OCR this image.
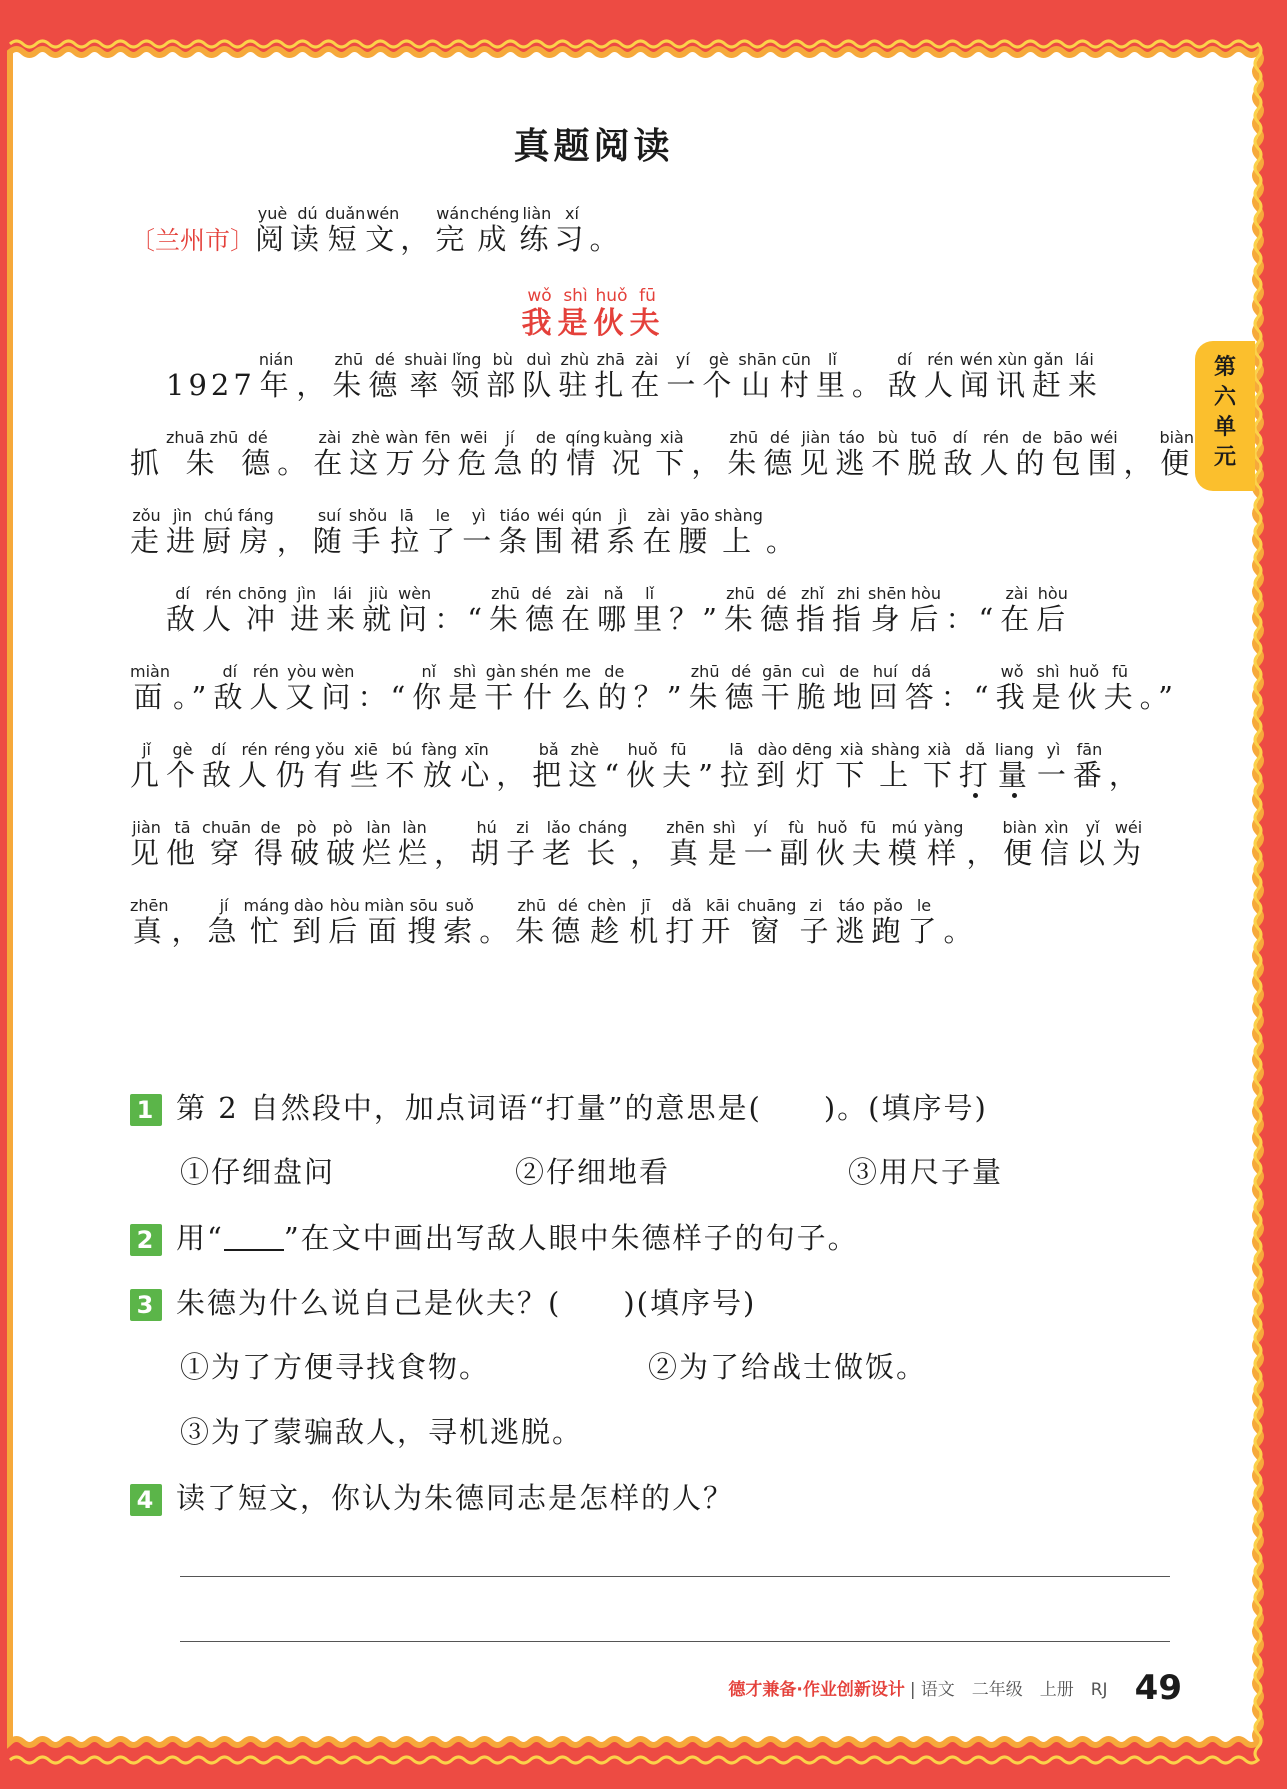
真题阅读
〔兰州市〕阅yuè读dú短duǎn文wén， 完wán成chéng练liàn习xí。
我wǒ是shì伙huǒ夫fū
　 1927 年nián， 朱zhū德dé率shuài领lǐng部bù队duì驻zhù扎zhā在zài一yí个gè山shān村cūn里lǐ。 敌dí人rén闻wén讯xùn赶gǎn来lái
抓 朱zhuā zhū德dé。 在zài这zhè万wàn分fēn危wēi急jí的de情qíng况kuàng下xià， 朱zhū德dé见jiàn逃táo不bù脱tuō敌dí人rén的de包bāo围wéi， 便biàn
走zǒu进jìn厨chú房fáng， 随suí手shǒu拉lā了le一yì条tiáo围wéi裙qún系jì在zài腰yāo上shàng。
　 敌dí人rén冲chōng进jìn来lái就jiù问wèn：“ 朱zhū德dé在zài哪nǎ里lǐ？” 朱zhū德dé指zhǐ指zhi身shēn后hòu：“ 在zài后hòu
面miàn。” 敌dí人rén又yòu问wèn：“ 你nǐ是shì干gàn什shén么me的de？” 朱zhū德dé干gān脆cuì地de回huí答dá：“ 我wǒ是shì伙huǒ夫fū。”
几jǐ个gè敌dí人rén仍réng有yǒu些xiē不bú放fàng心xīn， 把bǎ这zhè“ 伙huǒ夫fū” 拉lā到dào灯dēng下xià上shàng下xià打dǎ量liang一yì番fān，
见jiàn他tā穿chuān得de破pò破pò烂làn烂làn， 胡hú子zi老lǎo长cháng， 真zhēn是shì一yí副fù伙huǒ夫fū模mú样yàng， 便biàn信xìn以yǐ为wéi
真zhēn， 急jí忙máng到dào后hòu面miàn搜sōu索suǒ。 朱zhū德dé趁chèn机jī打dǎ开kāi窗chuāng子zi逃táo跑pǎo了le。
第六单元
1 第 2 自然段中，加点词语“打量”的意思是(　　)。(填序号)
①仔细盘问	②仔细地看	③用尺子量
2 用“ ”在文中画出写敌人眼中朱德样子的句子。
3 朱德为什么说自己是伙夫？(　　)(填序号)
①为了方便寻找食物。	②为了给战士做饭。
③为了蒙骗敌人，寻机逃脱。
4 读了短文，你认为朱德同志是怎样的人？
德才兼备·作业创新设计 | 语文　二年级　上册　RJ 49
